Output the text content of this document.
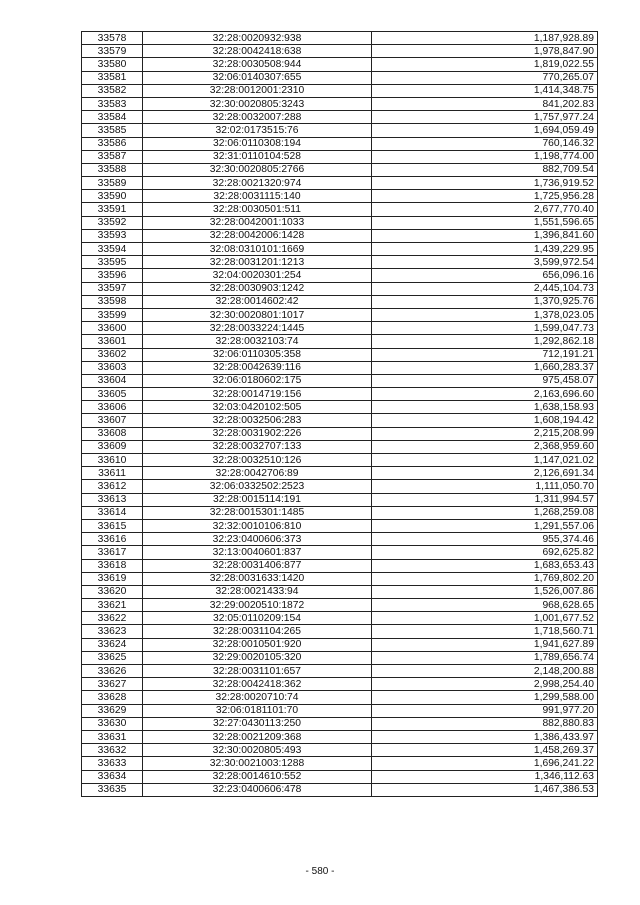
33578	32:28:0020932:938	1,187,928.89
33579	32:28:0042418:638	1,978,847.90
33580	32:28:0030508:944	1,819,022.55
33581	32:06:0140307:655	770,265.07
33582	32:28:0012001:2310	1,414,348.75
33583	32:30:0020805:3243	841,202.83
33584	32:28:0032007:288	1,757,977.24
33585	32:02:0173515:76	1,694,059.49
33586	32:06:0110308:194	760,146.32
33587	32:31:0110104:528	1,198,774.00
33588	32:30:0020805:2766	882,709.54
33589	32:28:0021320:974	1,736,919.52
33590	32:28:0031115:140	1,725,956.28
33591	32:28:0030501:511	2,677,770.40
33592	32:28:0042001:1033	1,551,596.65
33593	32:28:0042006:1428	1,396,841.60
33594	32:08:0310101:1669	1,439,229.95
33595	32:28:0031201:1213	3,599,972.54
33596	32:04:0020301:254	656,096.16
33597	32:28:0030903:1242	2,445,104.73
33598	32:28:0014602:42	1,370,925.76
33599	32:30:0020801:1017	1,378,023.05
33600	32:28:0033224:1445	1,599,047.73
33601	32:28:0032103:74	1,292,862.18
33602	32:06:0110305:358	712,191.21
33603	32:28:0042639:116	1,660,283.37
33604	32:06:0180602:175	975,458.07
33605	32:28:0014719:156	2,163,696.60
33606	32:03:0420102:505	1,638,158.93
33607	32:28:0032506:283	1,608,194.42
33608	32:28:0031902:226	2,215,208.99
33609	32:28:0032707:133	2,368,959.60
33610	32:28:0032510:126	1,147,021.02
33611	32:28:0042706:89	2,126,691.34
33612	32:06:0332502:2523	1,111,050.70
33613	32:28:0015114:191	1,311,994.57
33614	32:28:0015301:1485	1,268,259.08
33615	32:32:0010106:810	1,291,557.06
33616	32:23:0400606:373	955,374.46
33617	32:13:0040601:837	692,625.82
33618	32:28:0031406:877	1,683,653.43
33619	32:28:0031633:1420	1,769,802.20
33620	32:28:0021433:94	1,526,007.86
33621	32:29:0020510:1872	968,628.65
33622	32:05:0110209:154	1,001,677.52
33623	32:28:0031104:265	1,718,560.71
33624	32:28:0010501:920	1,941,627.89
33625	32:29:0020105:320	1,789,656.74
33626	32:28:0031101:657	2,148,200.88
33627	32:28:0042418:362	2,998,254.40
33628	32:28:0020710:74	1,299,588.00
33629	32:06:0181101:70	991,977.20
33630	32:27:0430113:250	882,880.83
33631	32:28:0021209:368	1,386,433.97
33632	32:30:0020805:493	1,458,269.37
33633	32:30:0021003:1288	1,696,241.22
33634	32:28:0014610:552	1,346,112.63
33635	32:23:0400606:478	1,467,386.53
- 580 -
